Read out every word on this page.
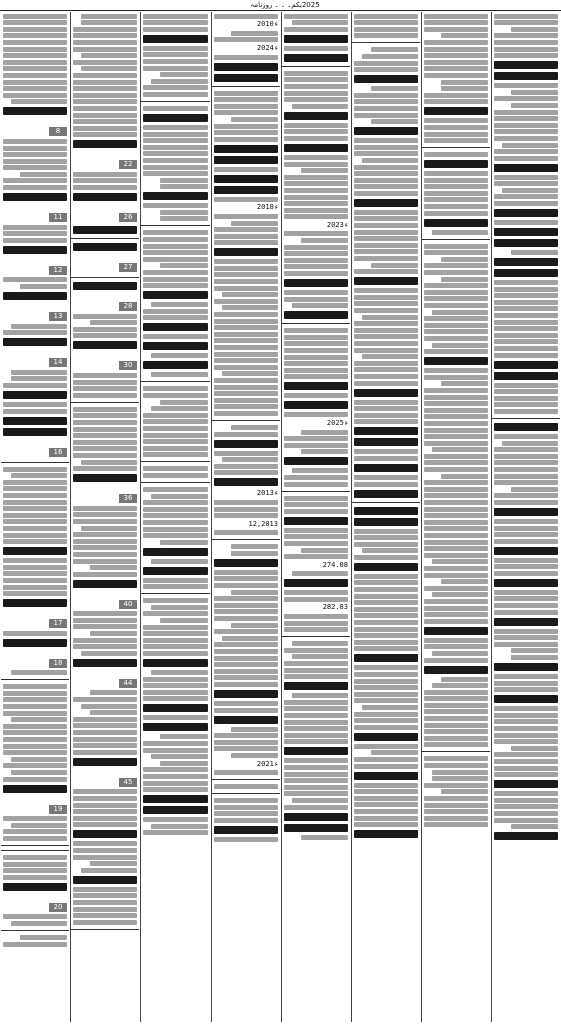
2025یکم۔ ۔ ۔ روزنامہ
8
11
12
13
14
16
17
18
19
20
22
26
27
28
30
36
40
44
45
2010ء
2024ء
2018ء
2013ء
12,2013
2021ء
2023ء
2025ء
274.08
282.83
